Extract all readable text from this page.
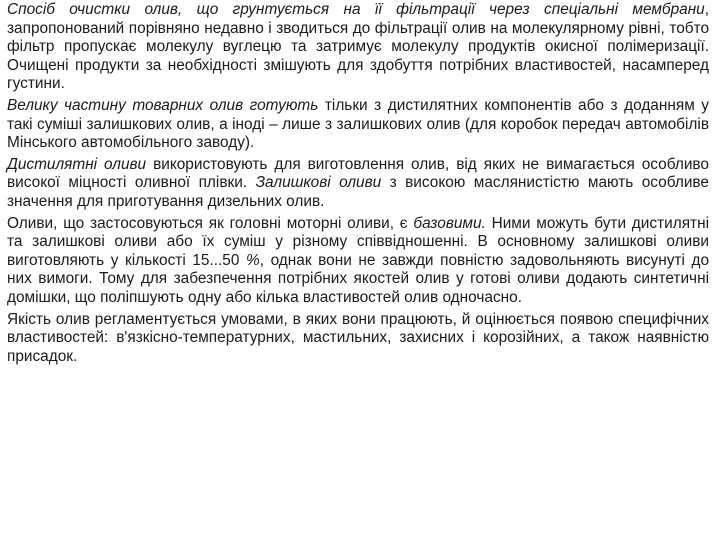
Спосіб очистки олив, що грунтується на її фільтрації через спеціальні мембрани, запропонований порівняно недавно і зводиться до фільтрації олив на молекулярному рівні, тобто фільтр пропускає молекулу вуглецю та затримує молекулу продуктів окисної полімеризації. Очищені продукти за необхідності змішують для здобуття потрібних властивостей, насамперед густини.

Велику частину товарних олив готують тільки з дистилятних компонентів або з доданням у такі суміші залишкових олив, а іноді – лише з залишкових олив (для коробок передач автомобілів Мінського автомобільного заводу).

Дистилятні оливи використовують для виготовлення олив, від яких не вимагається особливо високої міцності оливної плівки. Залишкові оливи з високою маслянистістю мають особливе значення для приготування дизельних олив.

Оливи, що застосовуються як головні моторні оливи, є базовими. Ними можуть бути дистилятні та залишкові оливи або їх суміш у різному співвідношенні. В основному залишкові оливи виготовляють у кількості 15...50 %, однак вони не завжди повністю задовольняють висунуті до них вимоги. Тому для забезпечення потрібних якостей олив у готові оливи додають синтетичні домішки, що поліпшують одну або кілька властивостей олив одночасно.

Якість олив регламентується умовами, в яких вони працюють, й оцінюється появою специфічних властивостей: в'язкісно-температурних, мастильних, захисних і корозійних, а також наявністю присадок.
